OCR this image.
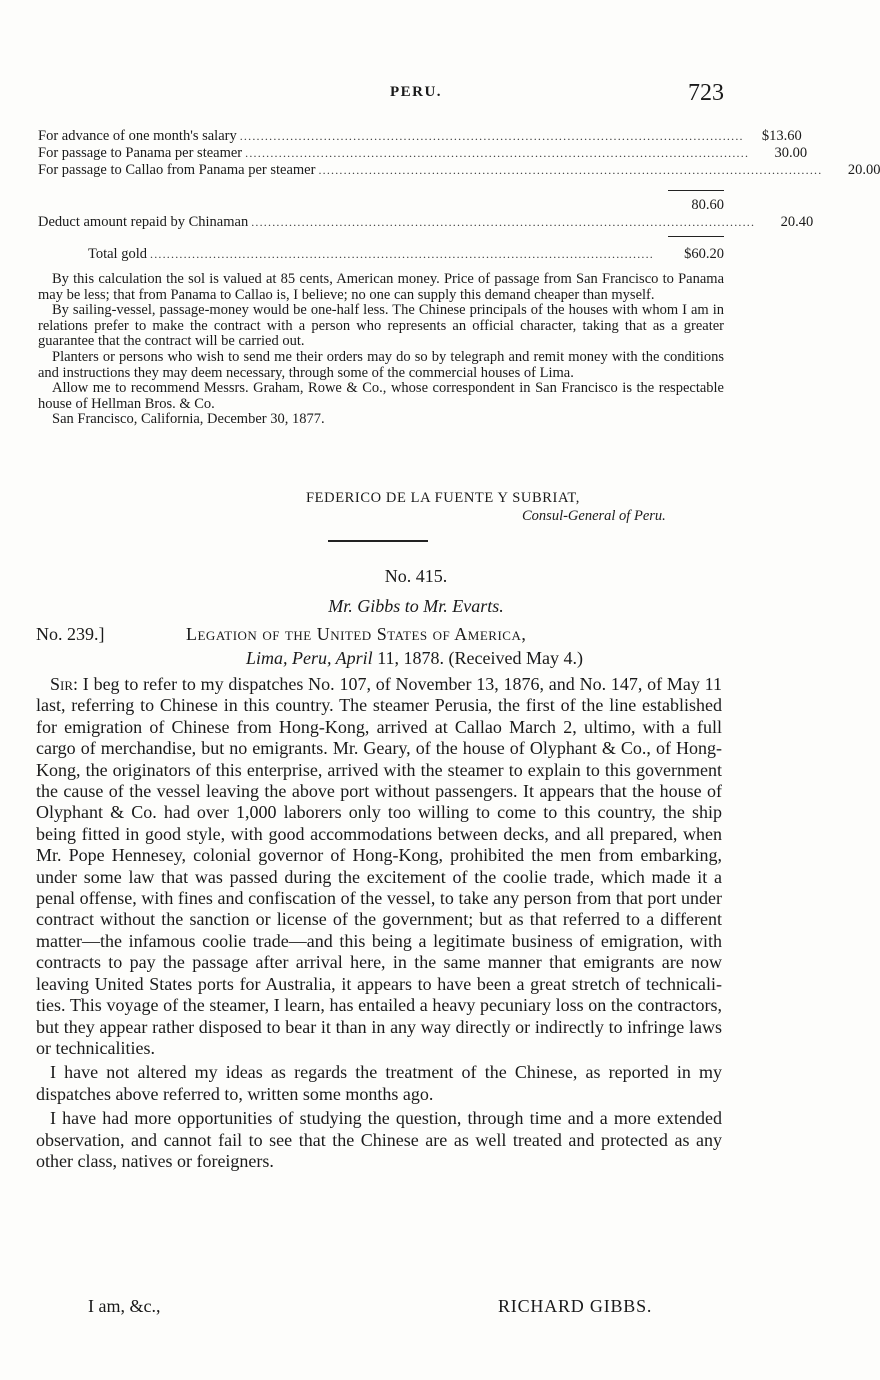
PERU.	723
For advance of one month's salary ........................................................................................................................	$13.60
For passage to Panama per steamer ........................................................................................................................	30.00
For passage to Callao from Panama per steamer ........................................................................................................................	20.00
80.60
Deduct amount repaid by Chinaman ........................................................................................................................	20.40
Total gold ........................................................................................................................	$60.20

By this calculation the sol is valued at 85 cents, American money. Price of passage from San Francisco to Panama may be less; that from Panama to Callao is, I believe; no one can supply this demand cheaper than myself.

By sailing-vessel, passage-money would be one-half less. The Chinese principals of the houses with whom I am in relations prefer to make the contract with a person who represents an official character, taking that as a greater guarantee that the contract will be carried out.

Planters or persons who wish to send me their orders may do so by telegraph and remit money with the conditions and instructions they may deem necessary, through some of the commercial houses of Lima.

Allow me to recommend Messrs. Graham, Rowe & Co., whose correspondent in San Francisco is the respectable house of Hellman Bros. & Co.

San Francisco, California, December 30, 1877.

FEDERICO DE LA FUENTE Y SUBRIAT,
Consul-General of Peru.
No. 415.
Mr. Gibbs to Mr. Evarts.
No. 239.]	Legation of the United States of America,
Lima, Peru, April 11, 1878. (Received May 4.)

Sir: I beg to refer to my dispatches No. 107, of November 13, 1876, and No. 147, of May 11 last, referring to Chinese in this country. The steamer Perusia, the first of the line established for emigration of Chinese from Hong-Kong, arrived at Callao March 2, ultimo, with a full cargo of merchandise, but no emigrants. Mr. Geary, of the house of Olyphant & Co., of Hong-Kong, the originators of this enterprise, arrived with the steamer to explain to this government the cause of the vessel leaving the above port without passengers. It appears that the house of Olyphant & Co. had over 1,000 laborers only too willing to come to this country, the ship being fitted in good style, with good accommodations between decks, and all prepared, when Mr. Pope Hennesey, colonial governor of Hong-Kong, prohibited the men from embarking, under some law that was passed during the excitement of the coolie trade, which made it a penal offense, with fines and confiscation of the vessel, to take any person from that port under contract without the sanction or license of the government; but as that referred to a different matter—the infamous coolie trade—and this being a legitimate business of emigration, with contracts to pay the passage after arrival here, in the same manner that emigrants are now leaving United States ports for Australia, it appears to have been a great stretch of technicalities. This voyage of the steamer, I learn, has entailed a heavy pecuniary loss on the contractors, but they appear rather disposed to bear it than in any way directly or indirectly to infringe laws or technicalities.

I have not altered my ideas as regards the treatment of the Chinese, as reported in my dispatches above referred to, written some months ago.

I have had more opportunities of studying the question, through time and a more extended observation, and cannot fail to see that the Chinese are as well treated and protected as any other class, natives or foreigners.

I am, &c.,	RICHARD GIBBS.
